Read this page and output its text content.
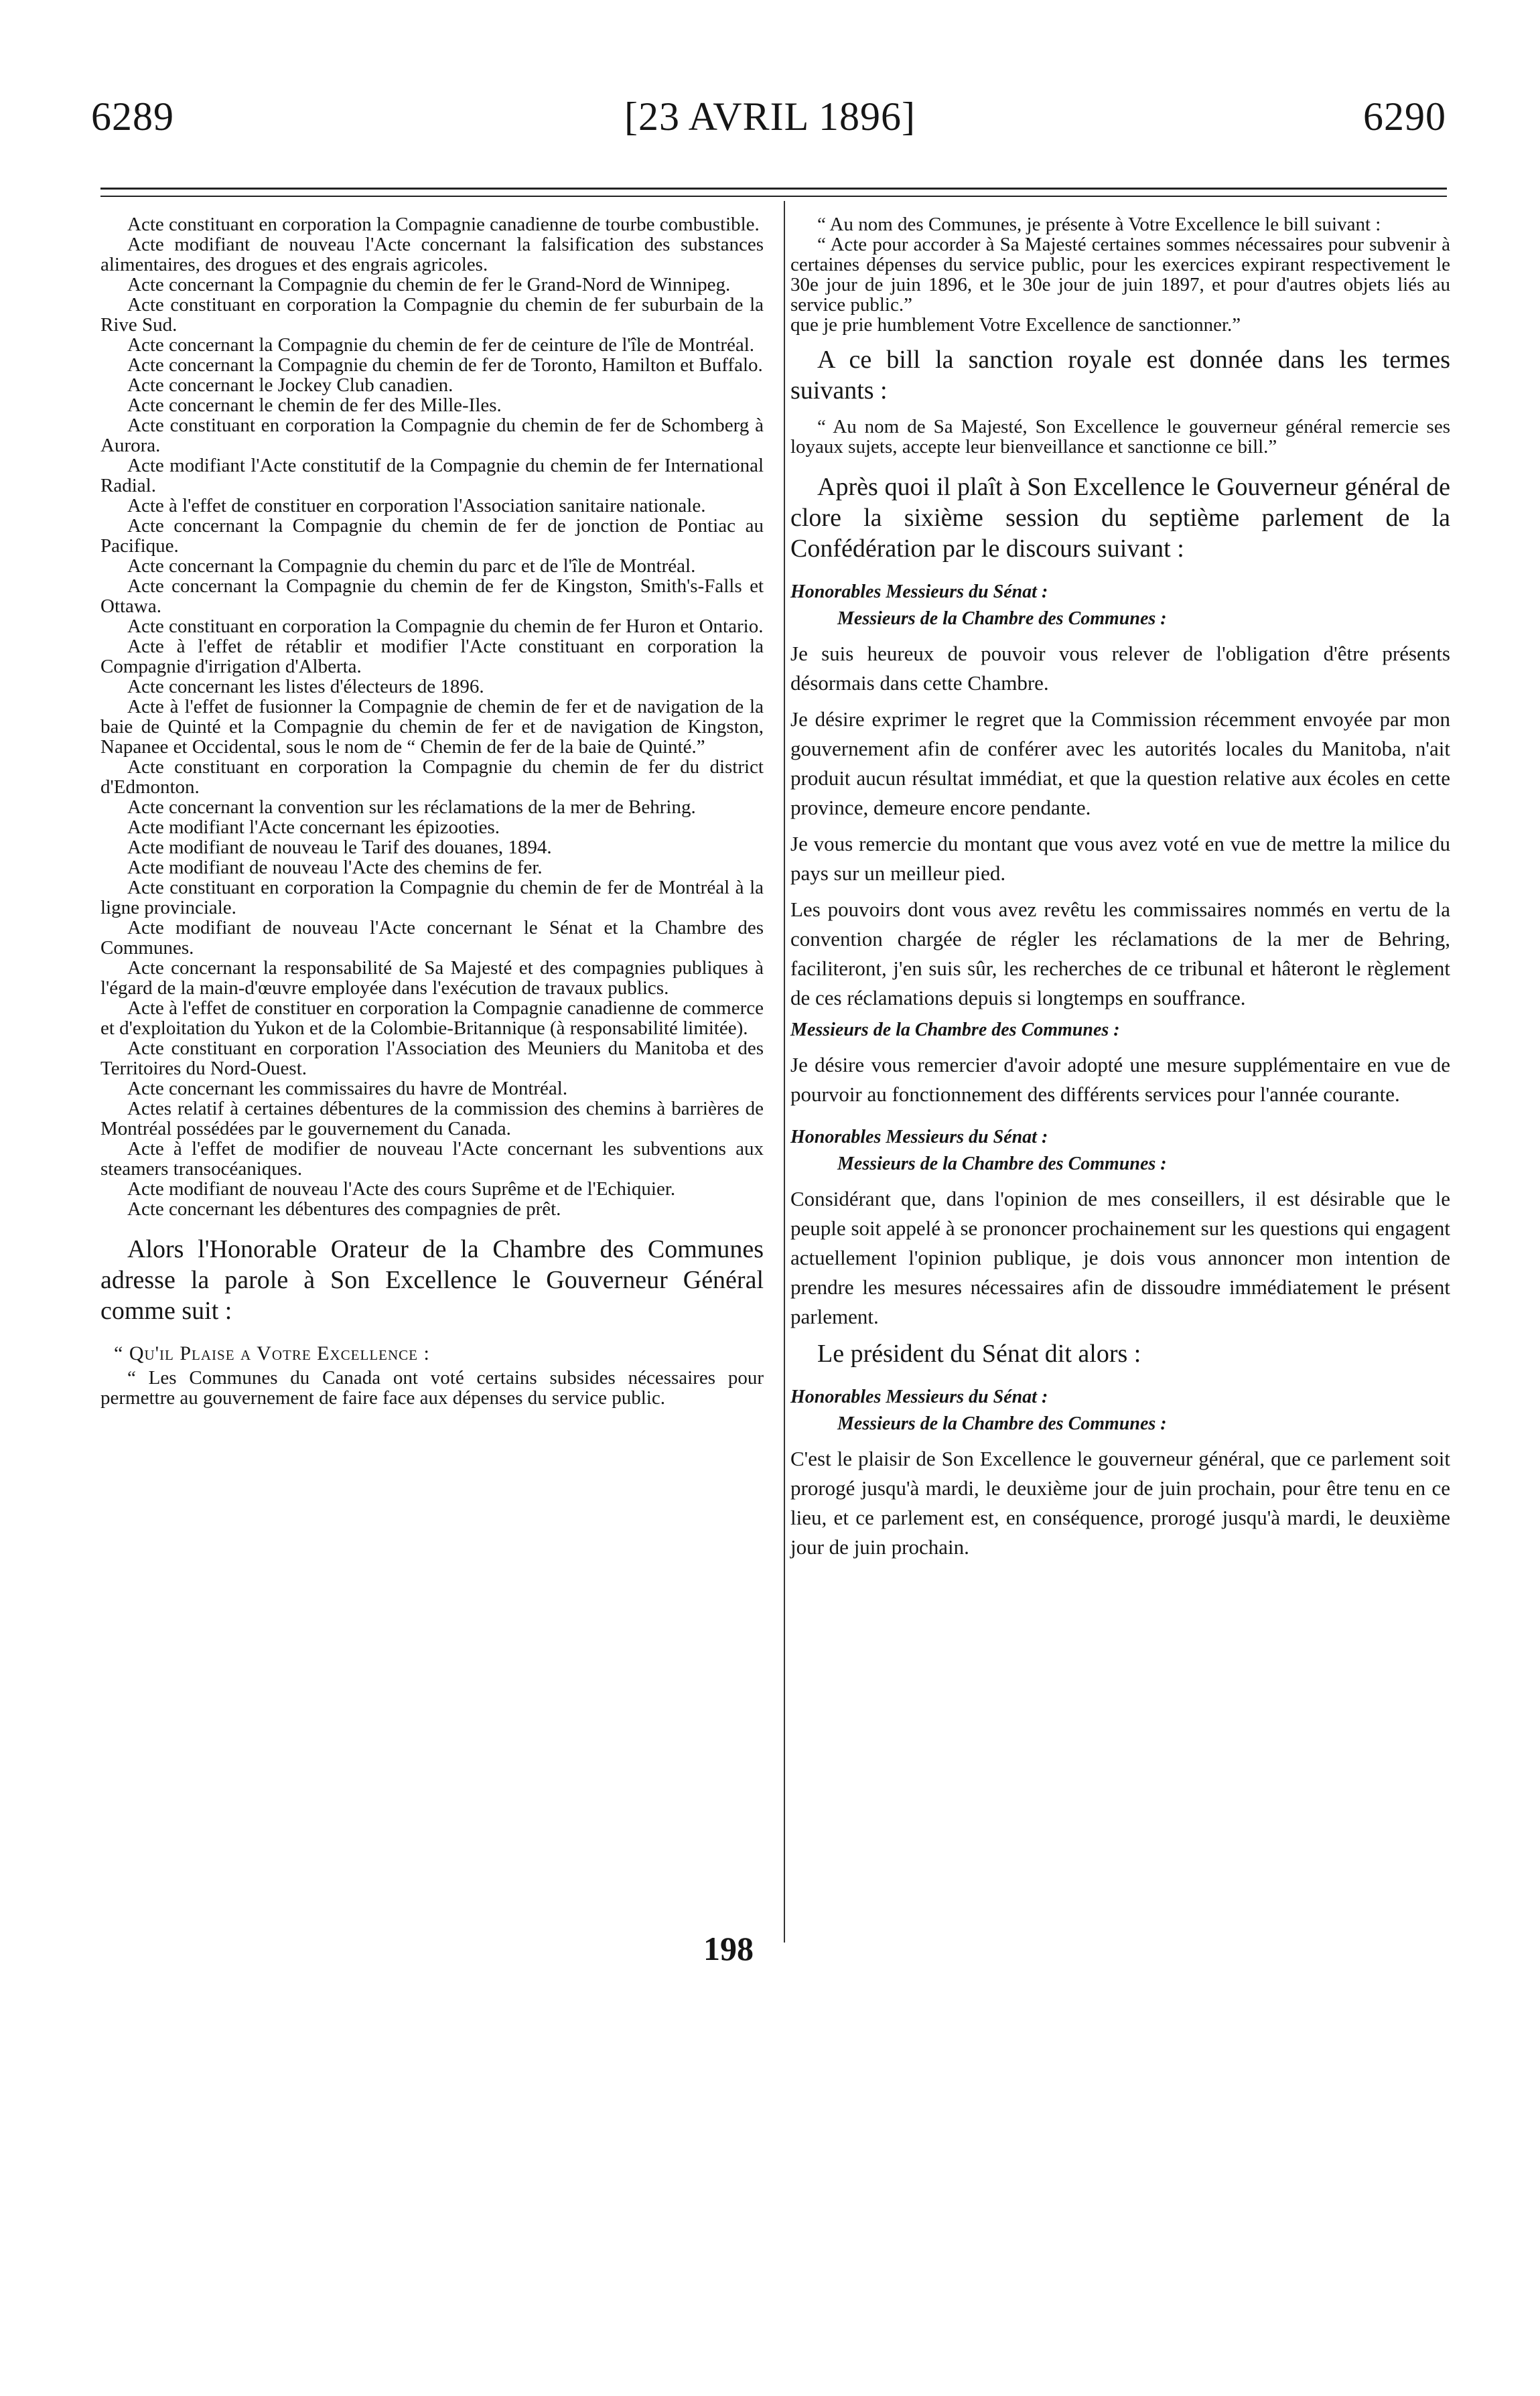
6289	[23 AVRIL 1896]	6290

Acte constituant en corporation la Compagnie canadienne de tourbe combustible.

Acte modifiant de nouveau l'Acte concernant la falsification des substances alimentaires, des drogues et des engrais agricoles.

Acte concernant la Compagnie du chemin de fer le Grand-Nord de Winnipeg.

Acte constituant en corporation la Compagnie du chemin de fer suburbain de la Rive Sud.

Acte concernant la Compagnie du chemin de fer de ceinture de l'île de Montréal.

Acte concernant la Compagnie du chemin de fer de Toronto, Hamilton et Buffalo.

Acte concernant le Jockey Club canadien.

Acte concernant le chemin de fer des Mille-Iles.

Acte constituant en corporation la Compagnie du chemin de fer de Schomberg à Aurora.

Acte modifiant l'Acte constitutif de la Compagnie du chemin de fer International Radial.

Acte à l'effet de constituer en corporation l'Association sanitaire nationale.

Acte concernant la Compagnie du chemin de fer de jonction de Pontiac au Pacifique.

Acte concernant la Compagnie du chemin du parc et de l'île de Montréal.

Acte concernant la Compagnie du chemin de fer de Kingston, Smith's-Falls et Ottawa.

Acte constituant en corporation la Compagnie du chemin de fer Huron et Ontario.

Acte à l'effet de rétablir et modifier l'Acte constituant en corporation la Compagnie d'irrigation d'Alberta.

Acte concernant les listes d'électeurs de 1896.

Acte à l'effet de fusionner la Compagnie de chemin de fer et de navigation de la baie de Quinté et la Compagnie du chemin de fer et de navigation de Kingston, Napanee et Occidental, sous le nom de “ Chemin de fer de la baie de Quinté.”

Acte constituant en corporation la Compagnie du chemin de fer du district d'Edmonton.

Acte concernant la convention sur les réclamations de la mer de Behring.

Acte modifiant l'Acte concernant les épizooties.

Acte modifiant de nouveau le Tarif des douanes, 1894.

Acte modifiant de nouveau l'Acte des chemins de fer.

Acte constituant en corporation la Compagnie du chemin de fer de Montréal à la ligne provinciale.

Acte modifiant de nouveau l'Acte concernant le Sénat et la Chambre des Communes.

Acte concernant la responsabilité de Sa Majesté et des compagnies publiques à l'égard de la main-d'œuvre employée dans l'exécution de travaux publics.

Acte à l'effet de constituer en corporation la Compagnie canadienne de commerce et d'exploitation du Yukon et de la Colombie-Britannique (à responsabilité limitée).

Acte constituant en corporation l'Association des Meuniers du Manitoba et des Territoires du Nord-Ouest.

Acte concernant les commissaires du havre de Montréal.

Actes relatif à certaines débentures de la commission des chemins à barrières de Montréal possédées par le gouvernement du Canada.

Acte à l'effet de modifier de nouveau l'Acte concernant les subventions aux steamers transocéaniques.

Acte modifiant de nouveau l'Acte des cours Suprême et de l'Echiquier.

Acte concernant les débentures des compagnies de prêt.

Alors l'Honorable Orateur de la Chambre des Communes adresse la parole à Son Excellence le Gouverneur Général comme suit :

“ Qu'il Plaise a Votre Excellence :

“ Les Communes du Canada ont voté certains subsides nécessaires pour permettre au gouvernement de faire face aux dépenses du service public.

198

“ Au nom des Communes, je présente à Votre Excellence le bill suivant :

“ Acte pour accorder à Sa Majesté certaines sommes nécessaires pour subvenir à certaines dépenses du service public, pour les exercices expirant respectivement le 30e jour de juin 1896, et le 30e jour de juin 1897, et pour d'autres objets liés au service public.”

que je prie humblement Votre Excellence de sanctionner.”

A ce bill la sanction royale est donnée dans les termes suivants :

“ Au nom de Sa Majesté, Son Excellence le gouverneur général remercie ses loyaux sujets, accepte leur bienveillance et sanctionne ce bill.”

Après quoi il plaît à Son Excellence le Gouverneur général de clore la sixième session du septième parlement de la Confédération par le discours suivant :

Honorables Messieurs du Sénat :
Messieurs de la Chambre des Communes :

Je suis heureux de pouvoir vous relever de l'obligation d'être présents désormais dans cette Chambre.

Je désire exprimer le regret que la Commission récemment envoyée par mon gouvernement afin de conférer avec les autorités locales du Manitoba, n'ait produit aucun résultat immédiat, et que la question relative aux écoles en cette province, demeure encore pendante.

Je vous remercie du montant que vous avez voté en vue de mettre la milice du pays sur un meilleur pied.

Les pouvoirs dont vous avez revêtu les commissaires nommés en vertu de la convention chargée de régler les réclamations de la mer de Behring, faciliteront, j'en suis sûr, les recherches de ce tribunal et hâteront le règlement de ces réclamations depuis si longtemps en souffrance.

Messieurs de la Chambre des Communes :

Je désire vous remercier d'avoir adopté une mesure supplémentaire en vue de pourvoir au fonctionnement des différents services pour l'année courante.

Honorables Messieurs du Sénat :
Messieurs de la Chambre des Communes :

Considérant que, dans l'opinion de mes conseillers, il est désirable que le peuple soit appelé à se prononcer prochainement sur les questions qui engagent actuellement l'opinion publique, je dois vous annoncer mon intention de prendre les mesures nécessaires afin de dissoudre immédiatement le présent parlement.

Le président du Sénat dit alors :

Honorables Messieurs du Sénat :
Messieurs de la Chambre des Communes :

C'est le plaisir de Son Excellence le gouverneur général, que ce parlement soit prorogé jusqu'à mardi, le deuxième jour de juin prochain, pour être tenu en ce lieu, et ce parlement est, en conséquence, prorogé jusqu'à mardi, le deuxième jour de juin prochain.
